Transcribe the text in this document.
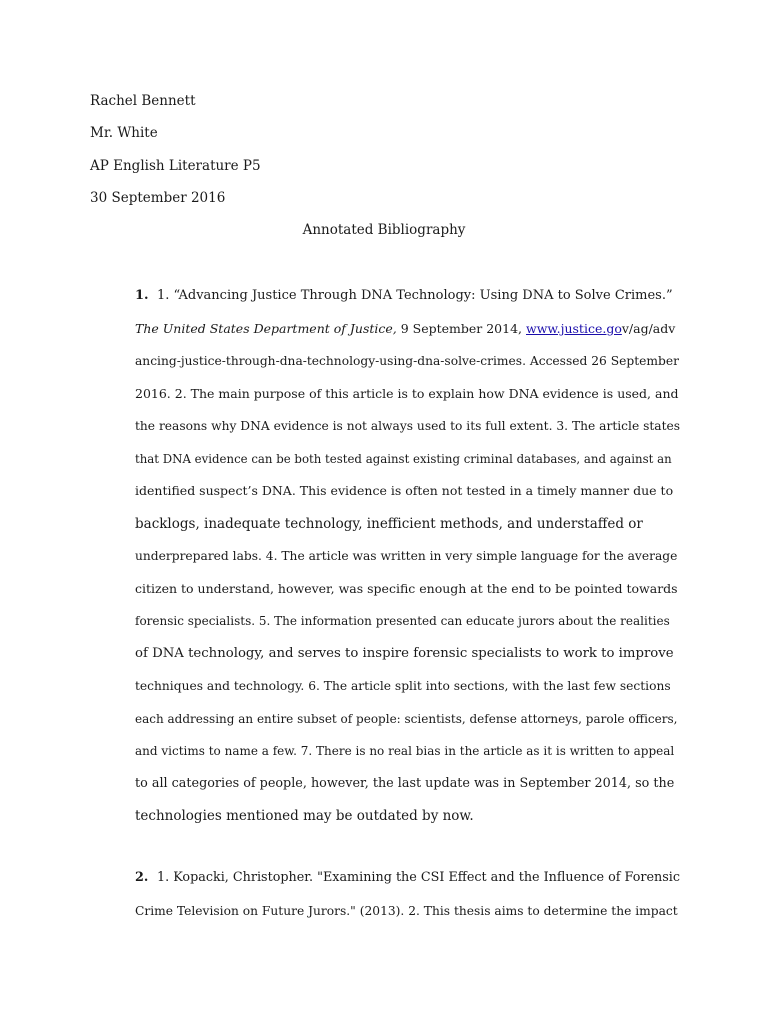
Rachel Bennett
Mr. White
AP English Literature P5
30 September 2016
Annotated Bibliography
1. 1. “Advancing Justice Through DNA Technology: Using DNA to Solve Crimes.”
The United States Department of Justice, 9 September 2014, www.justice.gov/ag/adv
ancing-justice-through-dna-technology-using-dna-solve-crimes. Accessed 26 September
2016. 2. The main purpose of this article is to explain how DNA evidence is used, and
the reasons why DNA evidence is not always used to its full extent. 3. The article states
that DNA evidence can be both tested against existing criminal databases, and against an
identified suspect’s DNA. This evidence is often not tested in a timely manner due to
backlogs, inadequate technology, inefficient methods, and understaffed or
underprepared labs. 4. The article was written in very simple language for the average
citizen to understand, however, was specific enough at the end to be pointed towards
forensic specialists. 5. The information presented can educate jurors about the realities
of DNA technology, and serves to inspire forensic specialists to work to improve
techniques and technology. 6. The article split into sections, with the last few sections
each addressing an entire subset of people: scientists, defense attorneys, parole officers,
and victims to name a few. 7. There is no real bias in the article as it is written to appeal
to all categories of people, however, the last update was in September 2014, so the
technologies mentioned may be outdated by now.
2. 1. Kopacki, Christopher. "Examining the CSI Effect and the Influence of Forensic
Crime Television on Future Jurors." (2013). 2. This thesis aims to determine the impact
